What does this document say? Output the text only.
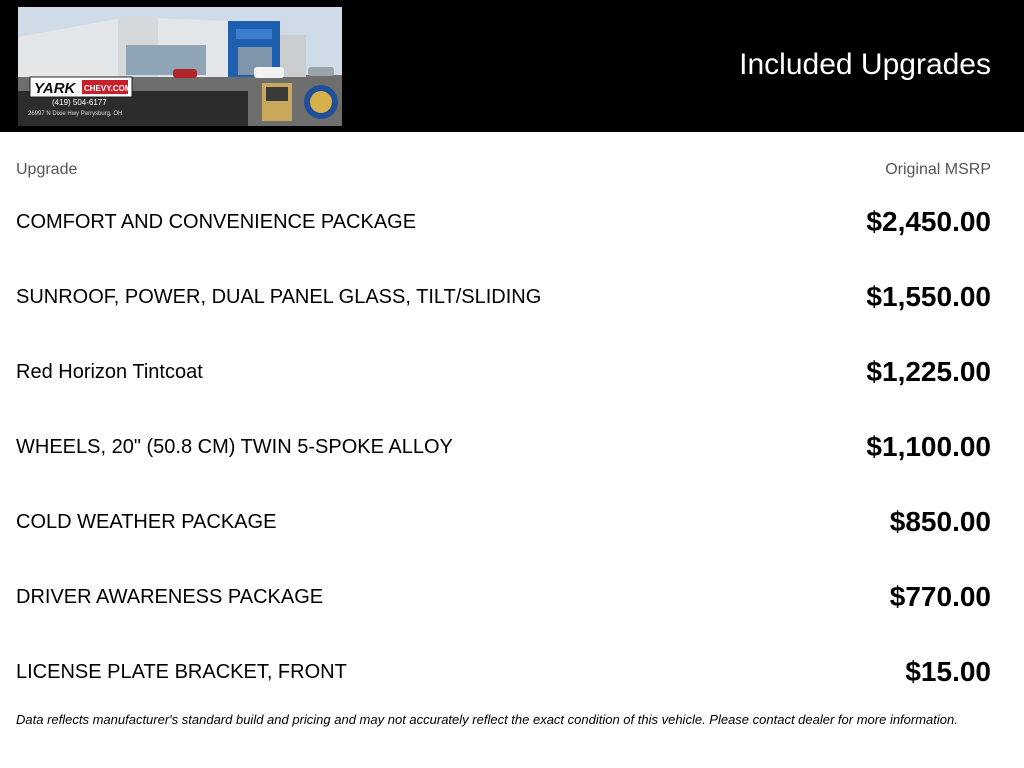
YARK CHEVY.COM
(419) 504-6177
26997 N Dixie Hwy Perrysburg, OH
Included Upgrades
Upgrade	Original MSRP
COMFORT AND CONVENIENCE PACKAGE	$2,450.00
SUNROOF, POWER, DUAL PANEL GLASS, TILT/SLIDING	$1,550.00
Red Horizon Tintcoat	$1,225.00
WHEELS, 20" (50.8 CM) TWIN 5-SPOKE ALLOY	$1,100.00
COLD WEATHER PACKAGE	$850.00
DRIVER AWARENESS PACKAGE	$770.00
LICENSE PLATE BRACKET, FRONT	$15.00
Data reflects manufacturer's standard build and pricing and may not accurately reflect the exact condition of this vehicle. Please contact dealer for more information.
